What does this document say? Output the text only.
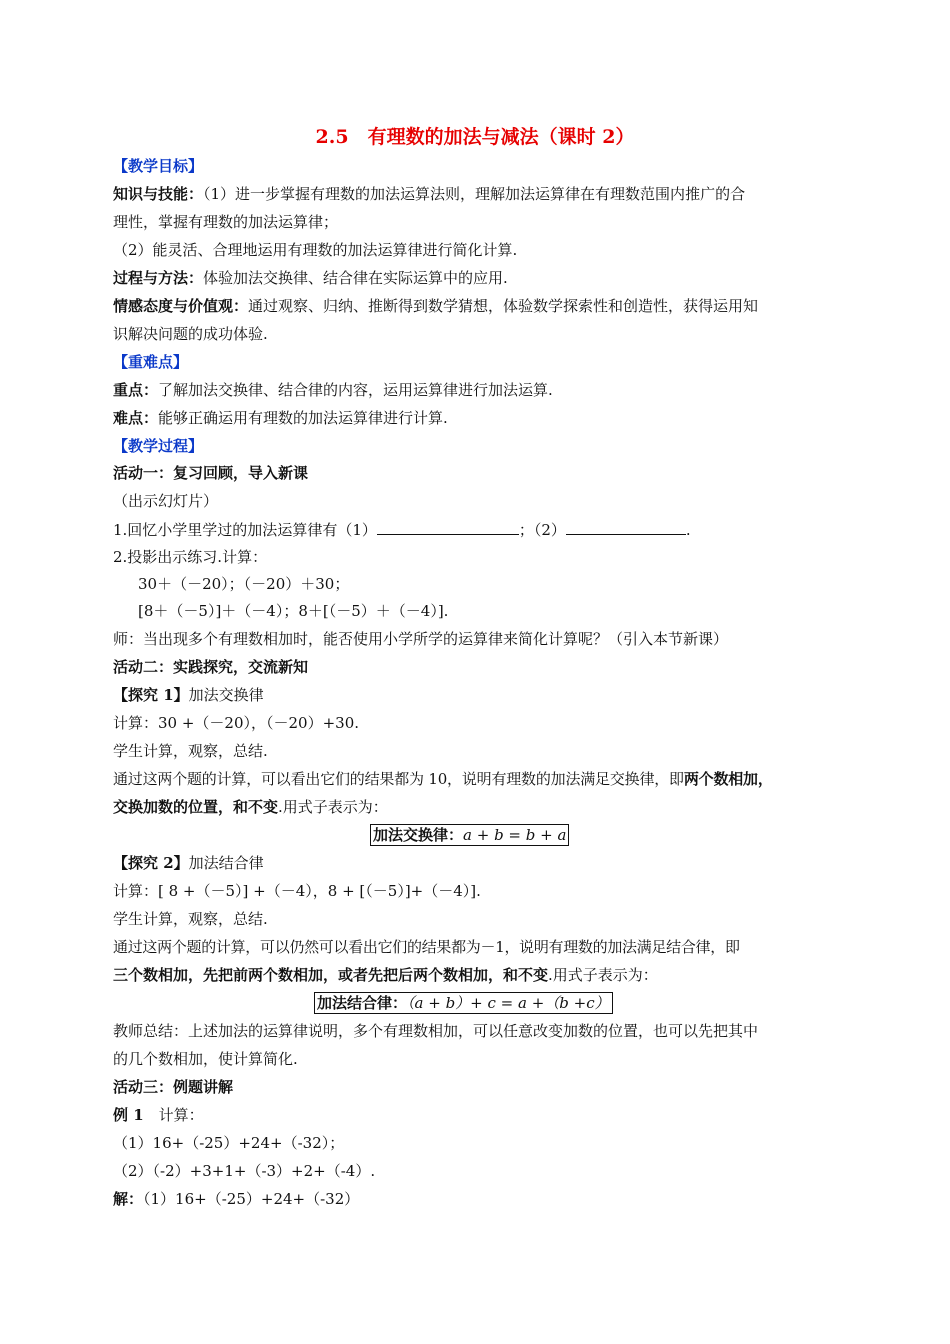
2.5　有理数的加法与减法（课时 2）
【教学目标】
知识与技能：（1）进一步掌握有理数的加法运算法则，理解加法运算律在有理数范围内推广的合
理性，掌握有理数的加法运算律；
（2）能灵活、合理地运用有理数的加法运算律进行简化计算.
过程与方法：体验加法交换律、结合律在实际运算中的应用.
情感态度与价值观：通过观察、归纳、推断得到数学猜想，体验数学探索性和创造性，获得运用知
识解决问题的成功体验.
【重难点】
重点：了解加法交换律、结合律的内容，运用运算律进行加法运算.
难点：能够正确运用有理数的加法运算律进行计算.
【教学过程】
活动一：复习回顾，导入新课
（出示幻灯片）
1.回忆小学里学过的加法运算律有（1）	；（2）	.
2.投影出示练习.计算：
30＋（－20）；（－20）＋30；
[8＋（－5）]＋（－4）；8＋[（－5）＋（－4）].
师：当出现多个有理数相加时，能否使用小学所学的运算律来简化计算呢？（引入本节新课）
活动二：实践探究，交流新知
【探究 1】加法交换律
计算：30 +（－20），（－20）+30.
学生计算，观察，总结.
通过这两个题的计算，可以看出它们的结果都为 10，说明有理数的加法满足交换律，即两个数相加，
交换加数的位置，和不变.用式子表示为：
加法交换律：a + b = b + a
【探究 2】加法结合律
计算：[ 8 +（－5）] +（－4），8 + [（－5）]+（－4）].
学生计算，观察，总结.
通过这两个题的计算，可以仍然可以看出它们的结果都为－1，说明有理数的加法满足结合律，即
三个数相加，先把前两个数相加，或者先把后两个数相加，和不变.用式子表示为：
加法结合律：（a + b）+ c = a +（b +c）
教师总结：上述加法的运算律说明，多个有理数相加，可以任意改变加数的位置，也可以先把其中
的几个数相加，使计算简化.
活动三：例题讲解
例 1　计算：
（1）16+（-25）+24+（-32）；
（2）（-2）+3+1+（-3）+2+（-4）.
解：（1）16+（-25）+24+（-32）
